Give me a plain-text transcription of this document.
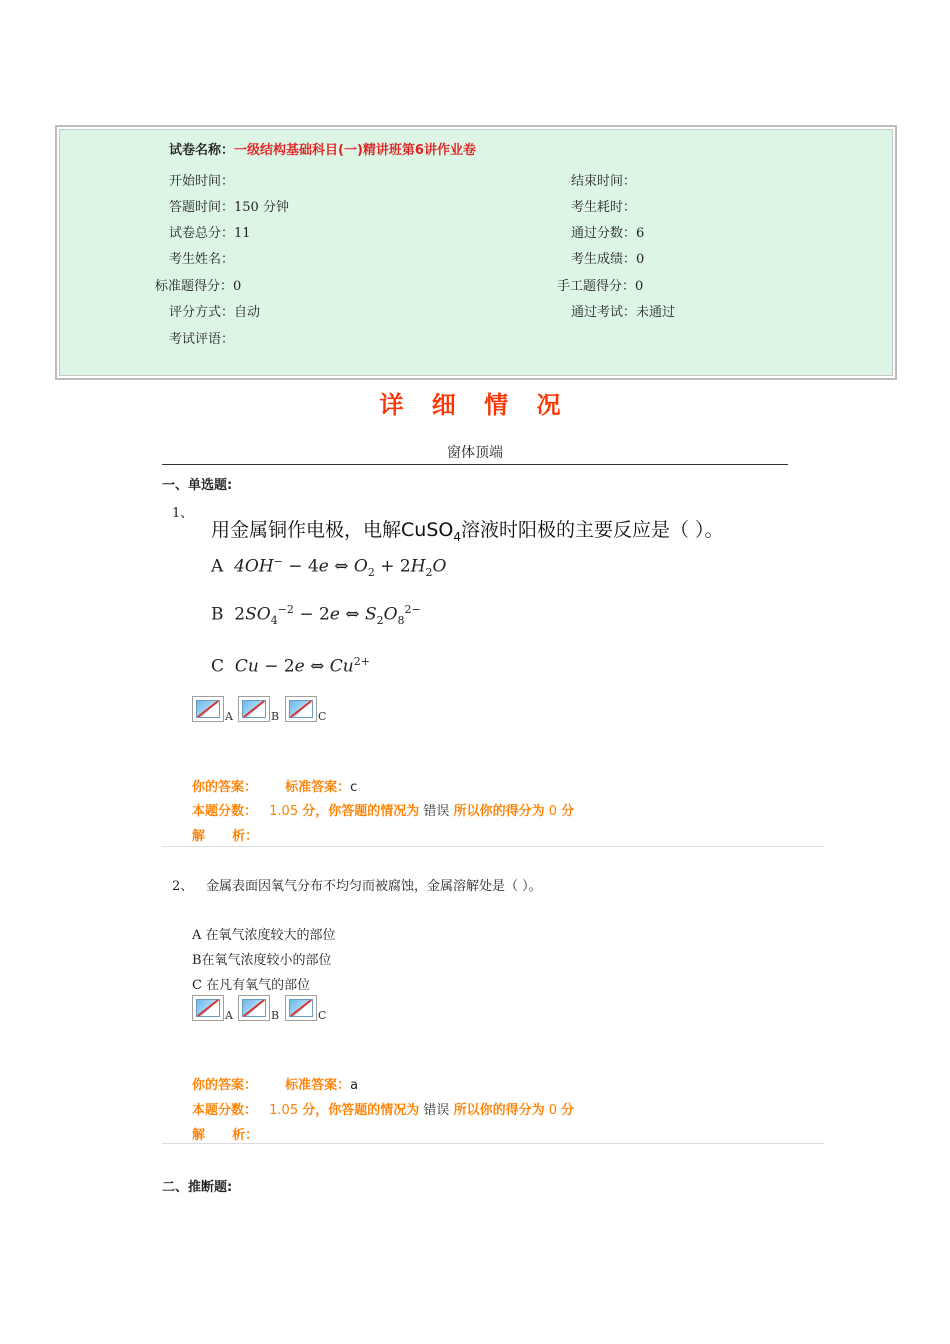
试卷名称：一级结构基础科目(一)精讲班第6讲作业卷
开始时间：	结束时间：
答题时间：150 分钟	考生耗时：
试卷总分：11	通过分数：6
考生姓名：	考生成绩：0
标准题得分：0	手工题得分：0
评分方式：自动	通过考试：未通过
考试评语：
详 细 情 况
窗体顶端
一、单选题:
1、
用金属铜作电极，电解CuSO$_4$溶液时阳极的主要反应是（ ）。
A 4OH− − 4e ⇔ $O_2 + 2H_2O$
B  $2SO_4^{-2} - 2e$ ⇔ $S_2O_8^{2-}$
C Cu − 2e ⇔ $Cu^{2+}$
A	B	C
你的答案： 标准答案：c
本题分数： 1.05 分，你答题的情况为 错误 所以你的得分为 0 分
解      析：
2、 金属表面因氧气分布不均匀而被腐蚀，金属溶解处是（ ）。
A 在氧气浓度较大的部位
B在氧气浓度较小的部位
C 在凡有氧气的部位
A	B	C
你的答案： 标准答案：a
本题分数： 1.05 分，你答题的情况为 错误 所以你的得分为 0 分
解      析：
二、推断题:
